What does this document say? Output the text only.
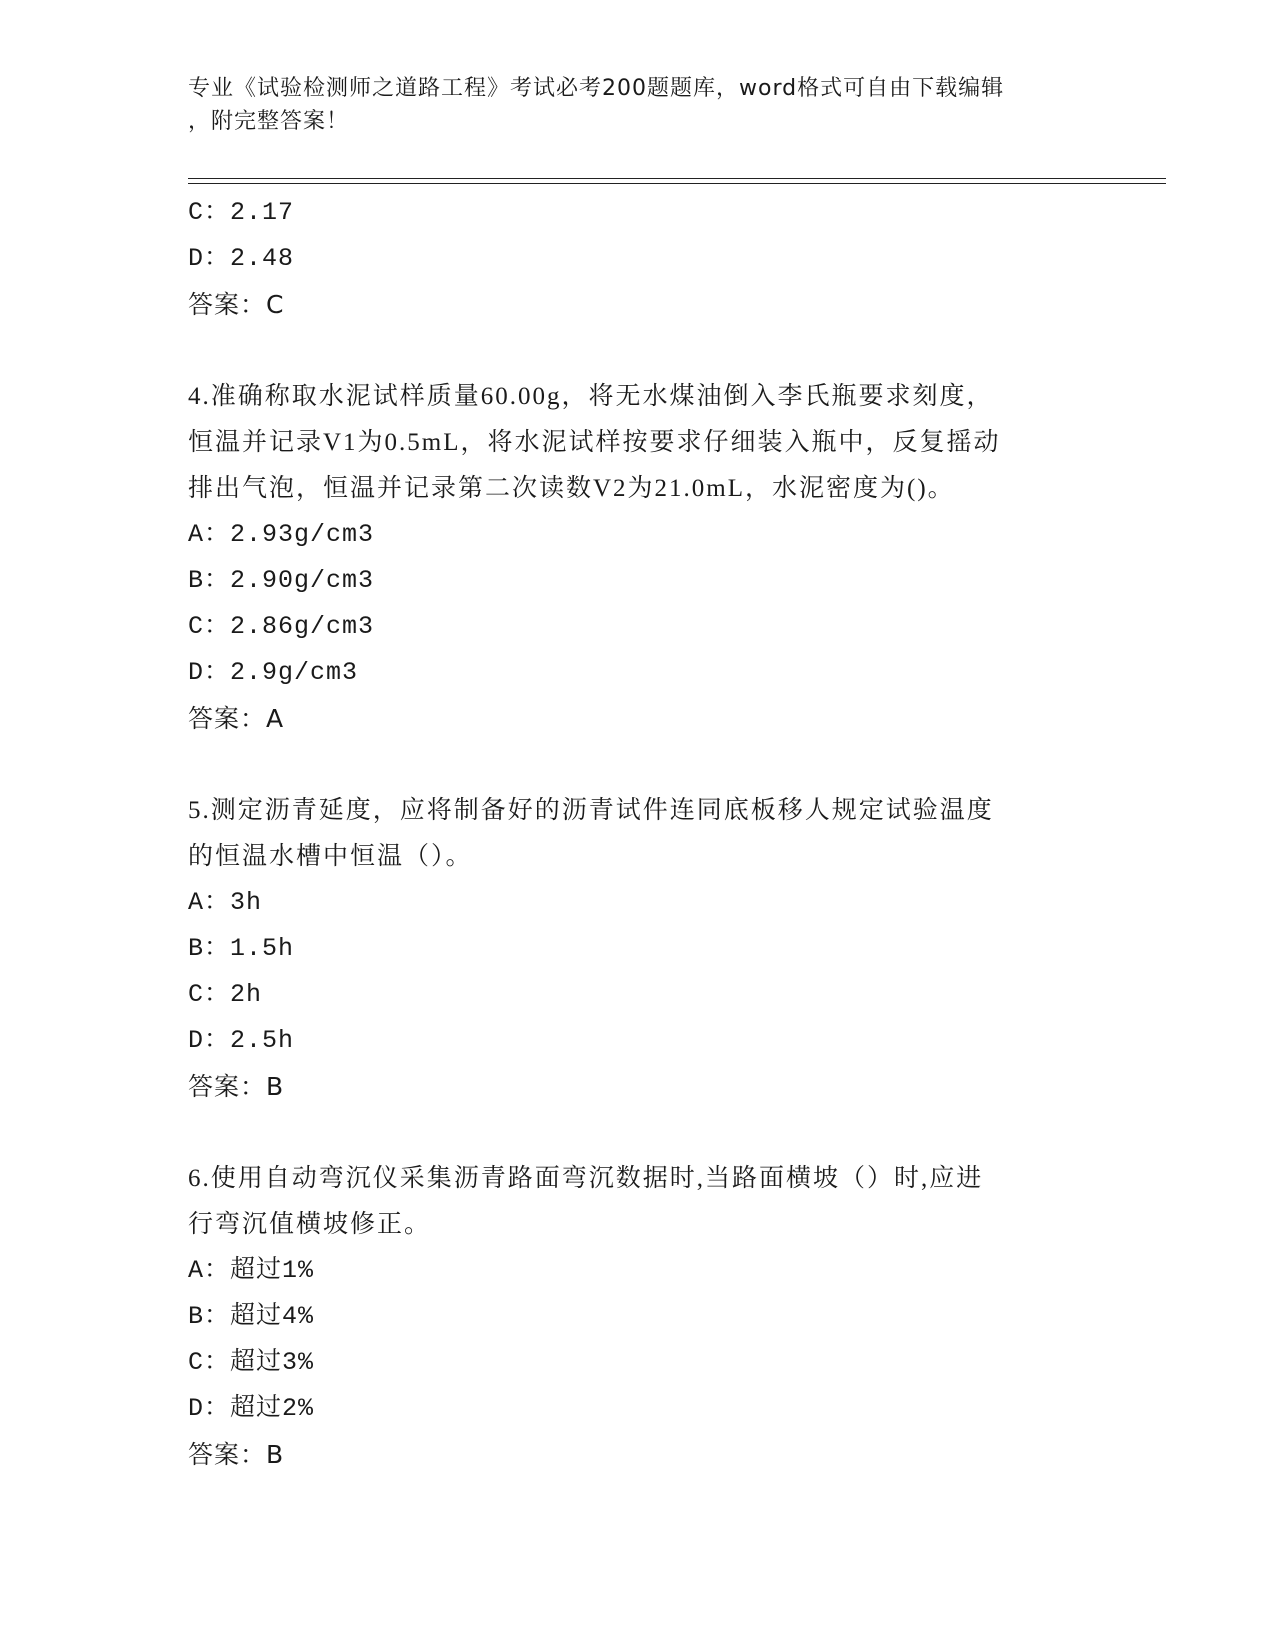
专业《试验检测师之道路工程》考试必考200题题库，word格式可自由下载编辑
，附完整答案！
C：2.17
D：2.48
答案：C
4.准确称取水泥试样质量60.00g，将无水煤油倒入李氏瓶要求刻度，
恒温并记录V1为0.5mL，将水泥试样按要求仔细装入瓶中，反复摇动
排出气泡，恒温并记录第二次读数V2为21.0mL，水泥密度为()。
A：2.93g/cm3
B：2.90g/cm3
C：2.86g/cm3
D：2.9g/cm3
答案：A
5.测定沥青延度，应将制备好的沥青试件连同底板移人规定试验温度
的恒温水槽中恒温（）。
A：3h
B：1.5h
C：2h
D：2.5h
答案：B
6.使用自动弯沉仪采集沥青路面弯沉数据时,当路面横坡（）时,应进
行弯沉值横坡修正。
A：超过1%
B：超过4%
C：超过3%
D：超过2%
答案：B
